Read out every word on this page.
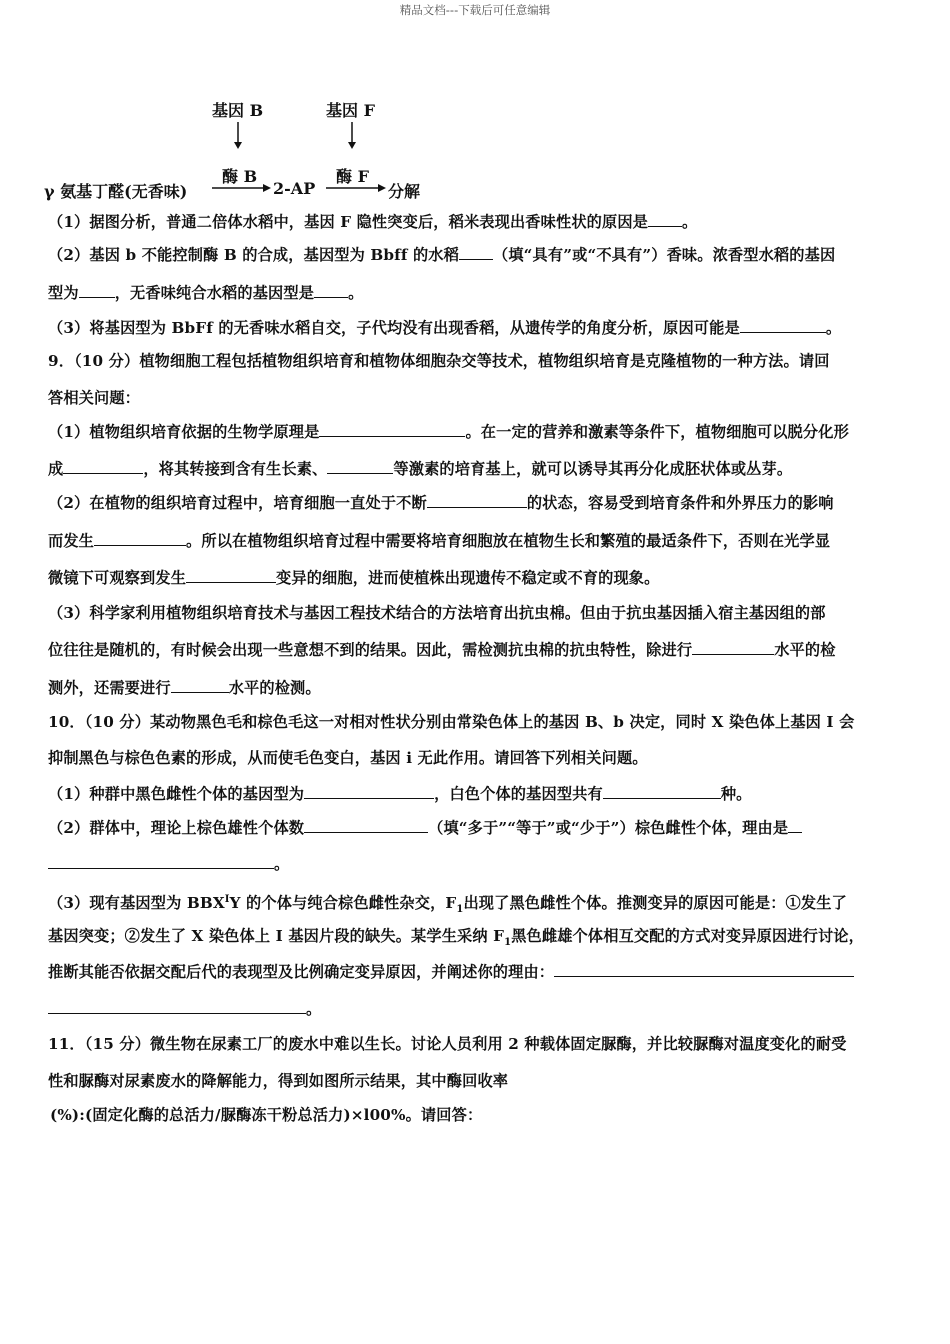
精品文档---下载后可任意编辑
基因 B	基因 F
酶 B	酶 F
γ 氨基丁醛(无香味)	2-AP	分解
（1）据图分析，普通二倍体水稻中，基因 F 隐性突变后，稻米表现出香味性状的原因是 。
（2）基因 b 不能控制酶 B 的合成，基因型为 Bbff 的水稻 （填“具有”或“不具有”）香味。浓香型水稻的基因
型为 ，无香味纯合水稻的基因型是 。
（3）将基因型为 BbFf 的无香味水稻自交，子代均没有出现香稻，从遗传学的角度分析，原因可能是	。
9．（10 分）植物细胞工程包括植物组织培育和植物体细胞杂交等技术，植物组织培育是克隆植物的一种方法。请回
答相关问题：
（1）植物组织培育依据的生物学原理是	。在一定的营养和激素等条件下，植物细胞可以脱分化形
成	，将其转接到含有生长素、	等激素的培育基上，就可以诱导其再分化成胚状体或丛芽。
（2）在植物的组织培育过程中，培育细胞一直处于不断	的状态，容易受到培育条件和外界压力的影响
而发生	。所以在植物组织培育过程中需要将培育细胞放在植物生长和繁殖的最适条件下，否则在光学显
微镜下可观察到发生	变异的细胞，进而使植株出现遗传不稳定或不育的现象。
（3）科学家利用植物组织培育技术与基因工程技术结合的方法培育出抗虫棉。但由于抗虫基因插入宿主基因组的部
位往往是随机的，有时候会出现一些意想不到的结果。因此，需检测抗虫棉的抗虫特性，除进行	水平的检
测外，还需要进行	水平的检测。
10．（10 分）某动物黑色毛和棕色毛这一对相对性状分别由常染色体上的基因 B、b 决定，同时 X 染色体上基因 I 会
抑制黑色与棕色色素的形成，从而使毛色变白，基因 i 无此作用。请回答下列相关问题。
（1）种群中黑色雌性个体的基因型为	，白色个体的基因型共有	种。
（2）群体中，理论上棕色雄性个体数	（填“多于”“等于”或“少于”）棕色雌性个体，理由是
。
（3）现有基因型为 $BBX^IY$ 的个体与纯合棕色雌性杂交，$F_1$出现了黑色雌性个体。推测变异的原因可能是：①发生了
基因突变；②发生了 X 染色体上 I 基因片段的缺失。某学生采纳 $F_1$黑色雌雄个体相互交配的方式对变异原因进行讨论，
推断其能否依据交配后代的表现型及比例确定变异原因，并阐述你的理由：
。
11．（15 分）微生物在尿素工厂的废水中难以生长。讨论人员利用 2 种载体固定脲酶，并比较脲酶对温度变化的耐受
性和脲酶对尿素废水的降解能力，得到如图所示结果，其中酶回收率
(%):(固定化酶的总活力/脲酶冻干粉总活力)×l00%。请回答：
